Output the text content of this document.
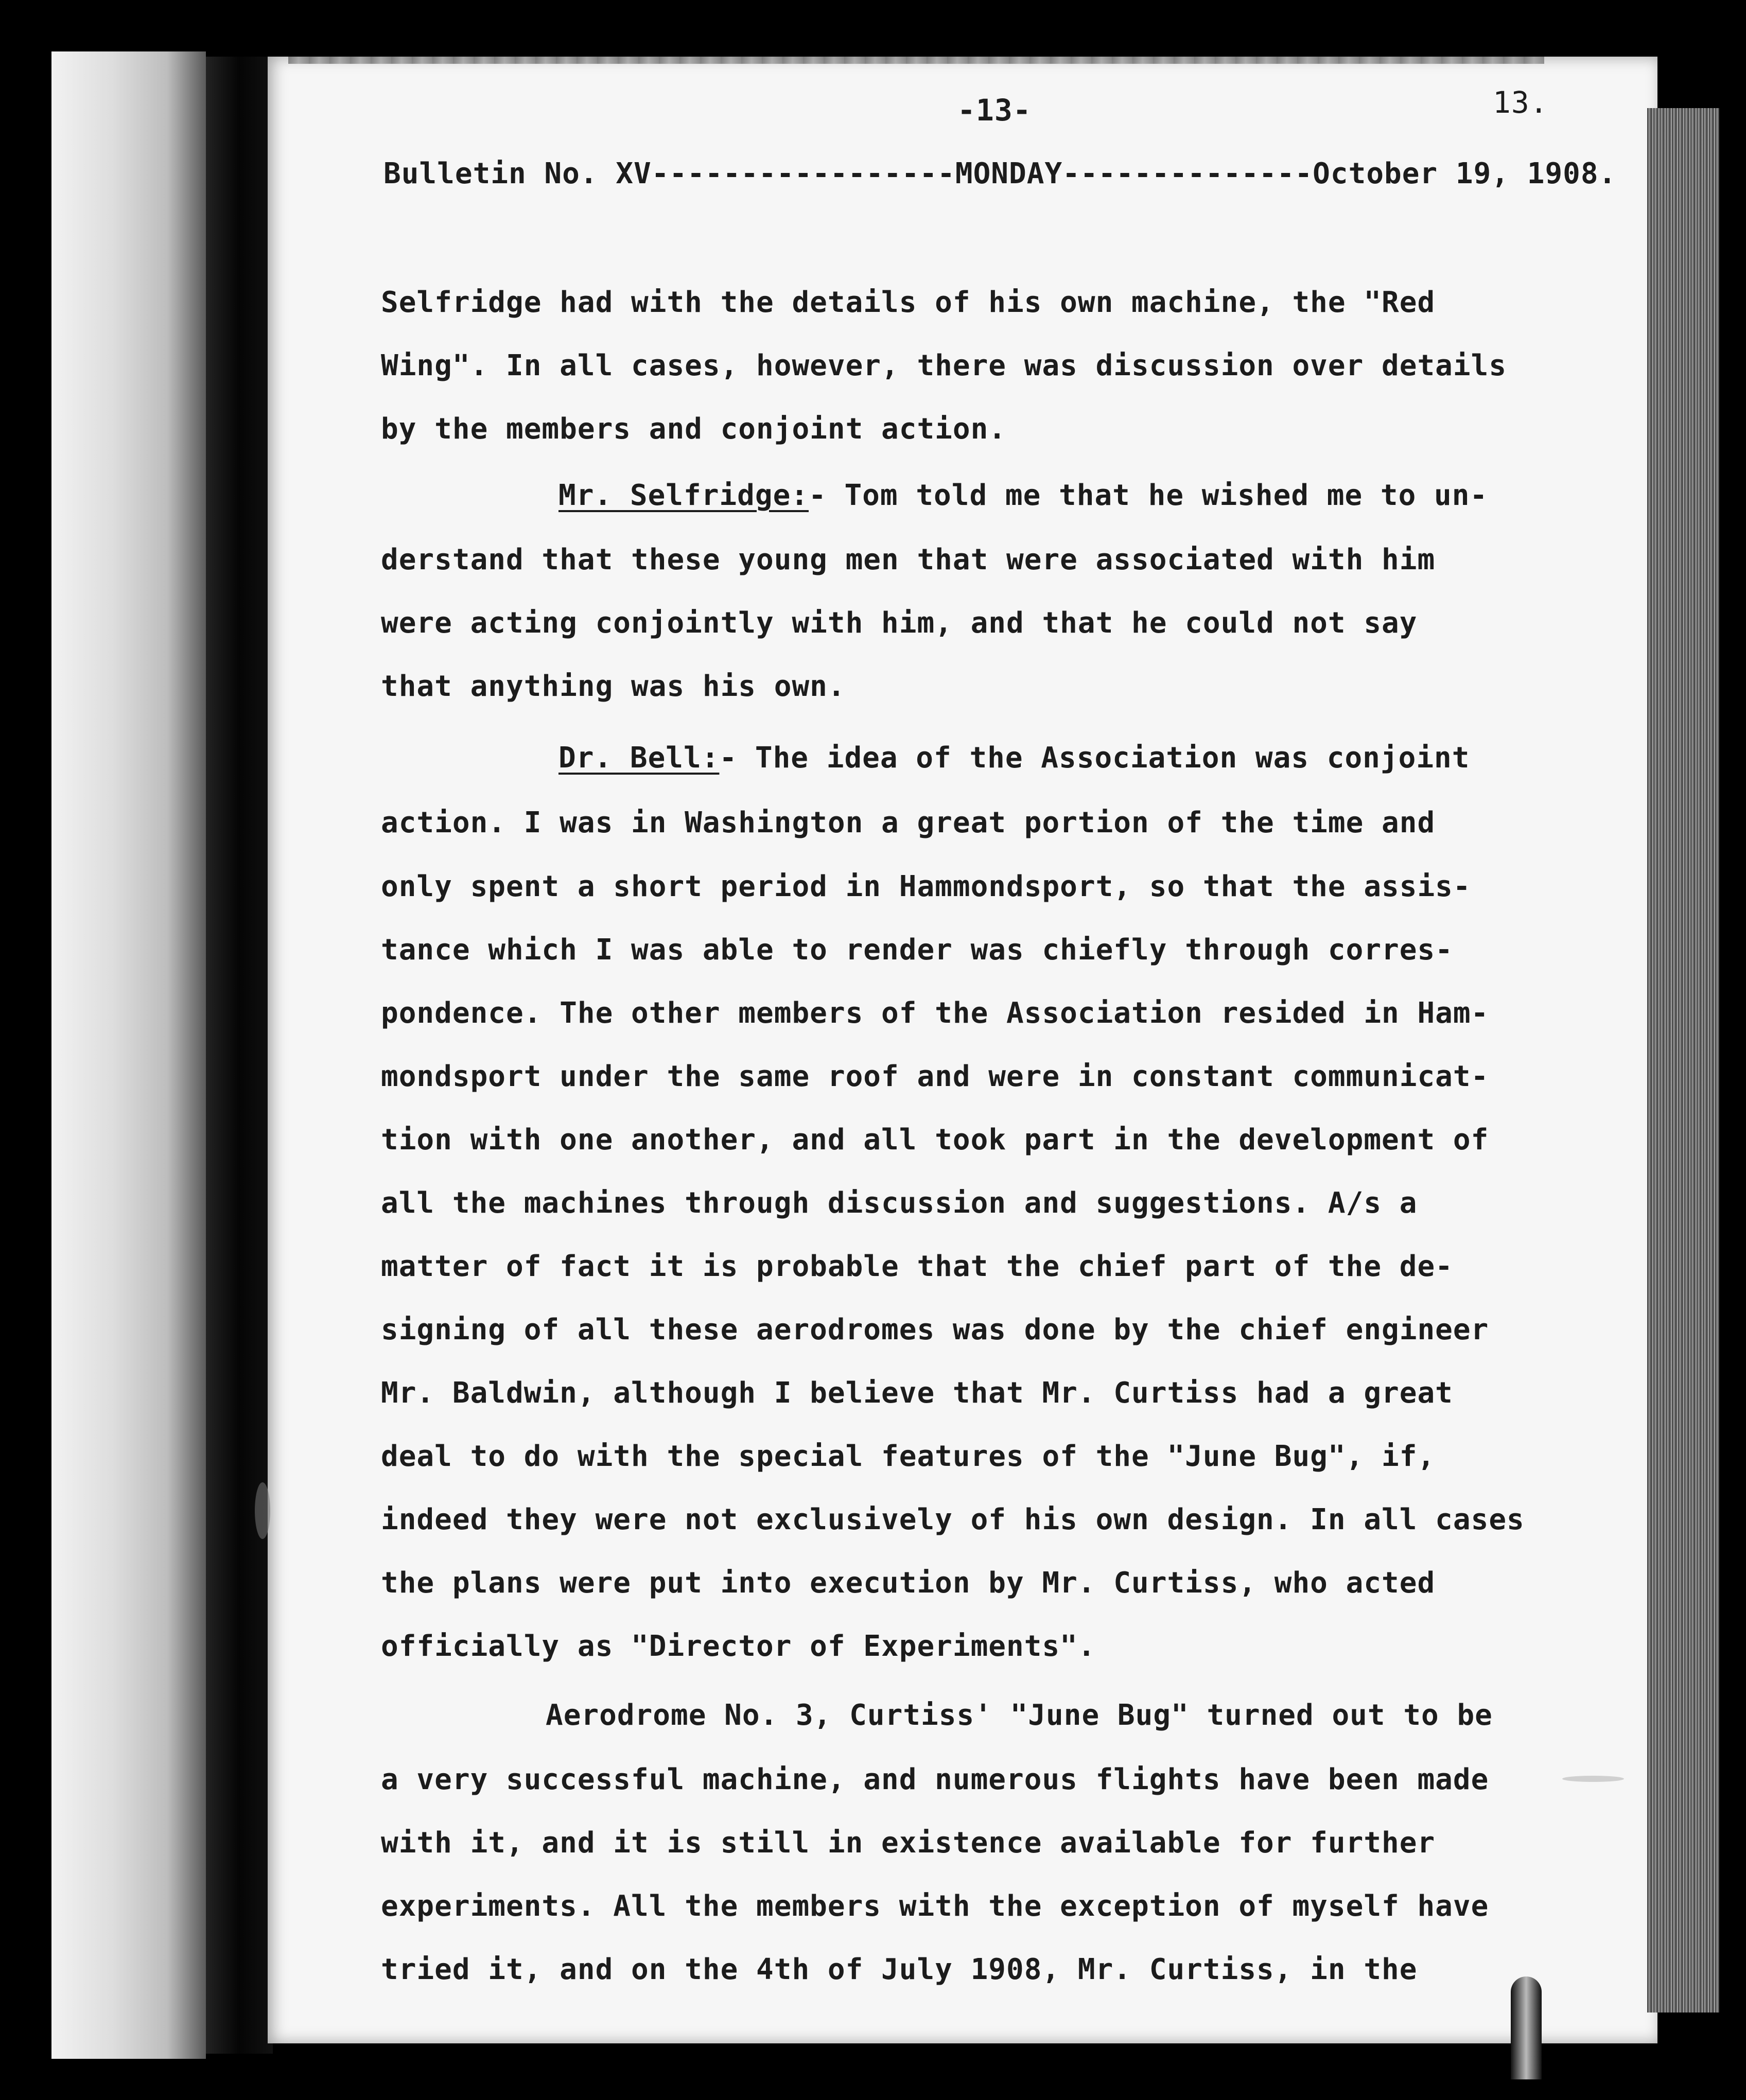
-13-	13.
Bulletin No. XV-----------------MONDAY--------------October 19, 1908.
Selfridge had with the details of his own machine, the "Red
Wing". In all cases, however, there was discussion over details
by the members and conjoint action.
Mr. Selfridge:- Tom told me that he wished me to un-
derstand that these young men that were associated with him
were acting conjointly with him, and that he could not say
that anything was his own.
Dr. Bell:- The idea of the Association was conjoint
action. I was in Washington a great portion of the time and
only spent a short period in Hammondsport, so that the assis-
tance which I was able to render was chiefly through corres-
pondence. The other members of the Association resided in Ham-
mondsport under the same roof and were in constant communicat-
tion with one another, and all took part in the development of
all the machines through discussion and suggestions. A/s a
matter of fact it is probable that the chief part of the de-
signing of all these aerodromes was done by the chief engineer
Mr. Baldwin, although I believe that Mr. Curtiss had a great
deal to do with the special features of the "June Bug", if,
indeed they were not exclusively of his own design. In all cases
the plans were put into execution by Mr. Curtiss, who acted
officially as "Director of Experiments".
Aerodrome No. 3, Curtiss' "June Bug" turned out to be
a very successful machine, and numerous flights have been made
with it, and it is still in existence available for further
experiments. All the members with the exception of myself have
tried it, and on the 4th of July 1908, Mr. Curtiss, in the
